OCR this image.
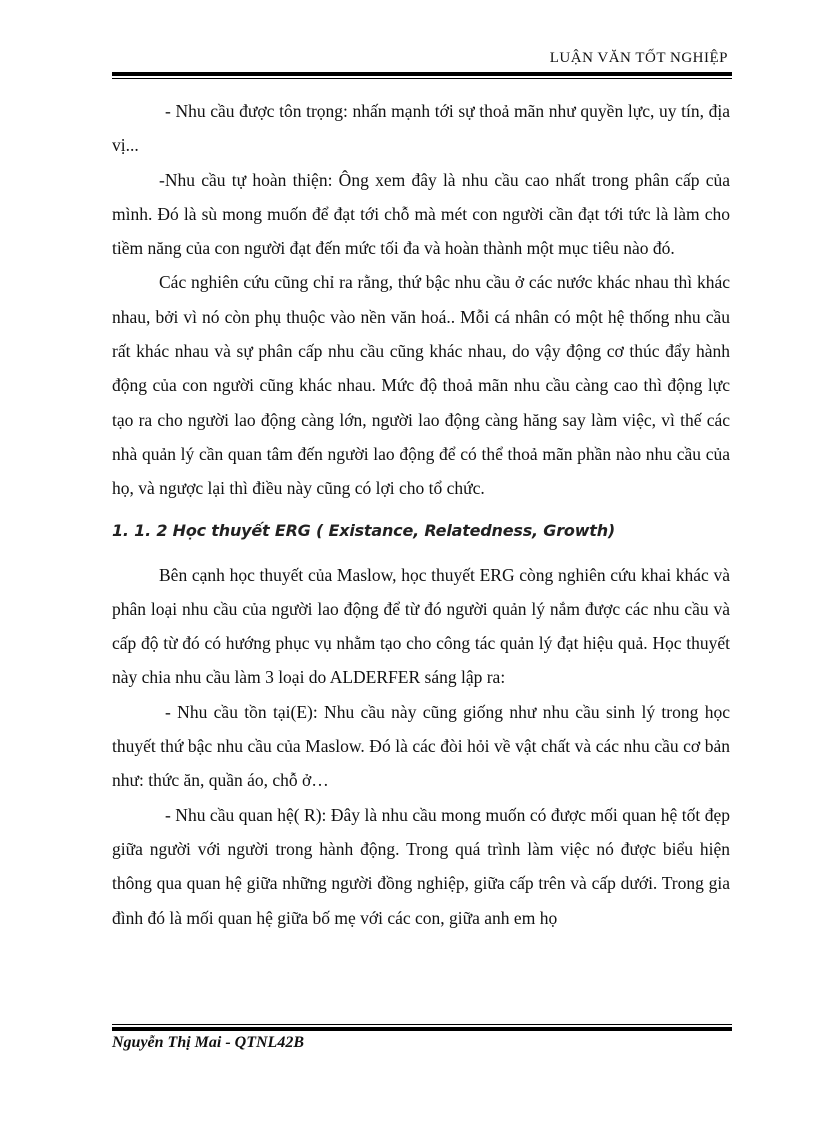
LUẬN VĂN TỐT NGHIỆP

- Nhu cầu được tôn trọng: nhấn mạnh tới sự thoả mãn như quyền lực, uy tín, địa vị...

-Nhu cầu tự hoàn thiện: Ông xem đây là nhu cầu cao nhất trong phân cấp của mình. Đó là sù mong muốn để đạt tới chỗ mà mét con người cần đạt tới tức là làm cho tiềm năng của con người đạt đến mức tối đa và hoàn thành một mục tiêu nào đó.

Các nghiên cứu cũng chỉ ra rằng, thứ bậc nhu cầu ở các nước khác nhau thì khác nhau, bởi vì nó còn phụ thuộc vào nền văn hoá.. Mỗi cá nhân có một hệ thống nhu cầu rất khác nhau và sự phân cấp nhu cầu cũng khác nhau, do vậy động cơ thúc đẩy hành động của con người cũng khác nhau. Mức độ thoả mãn nhu cầu càng cao thì động lực tạo ra cho người lao động càng lớn, người lao động càng hăng say làm việc, vì thế các nhà quản lý cần quan tâm đến người lao động để có thể thoả mãn phần nào nhu cầu của họ, và ngược lại thì điều này cũng có lợi cho tổ chức.

1. 1. 2 Học thuyết ERG ( Existance, Relatedness, Growth)

Bên cạnh học thuyết của Maslow, học thuyết ERG còng nghiên cứu khai khác và phân loại nhu cầu của người lao động để từ đó người quản lý nắm được các nhu cầu và cấp độ từ đó có hướng phục vụ nhằm tạo cho công tác quản lý đạt hiệu quả. Học thuyết này chia nhu cầu làm 3 loại do ALDERFER sáng lập ra:

- Nhu cầu tồn tại(E): Nhu cầu này cũng giống như nhu cầu sinh lý trong học thuyết thứ bậc nhu cầu của Maslow. Đó là các đòi hỏi về vật chất và các nhu cầu cơ bản như: thức ăn, quần áo, chỗ ở…

- Nhu cầu quan hệ( R): Đây là nhu cầu mong muốn có được mối quan hệ tốt đẹp giữa người với người trong hành động. Trong quá trình làm việc nó được biểu hiện thông qua quan hệ giữa những người đồng nghiệp, giữa cấp trên và cấp dưới. Trong gia đình đó là mối quan hệ giữa bố mẹ với các con, giữa anh em họ

Nguyễn Thị Mai - QTNL42B
